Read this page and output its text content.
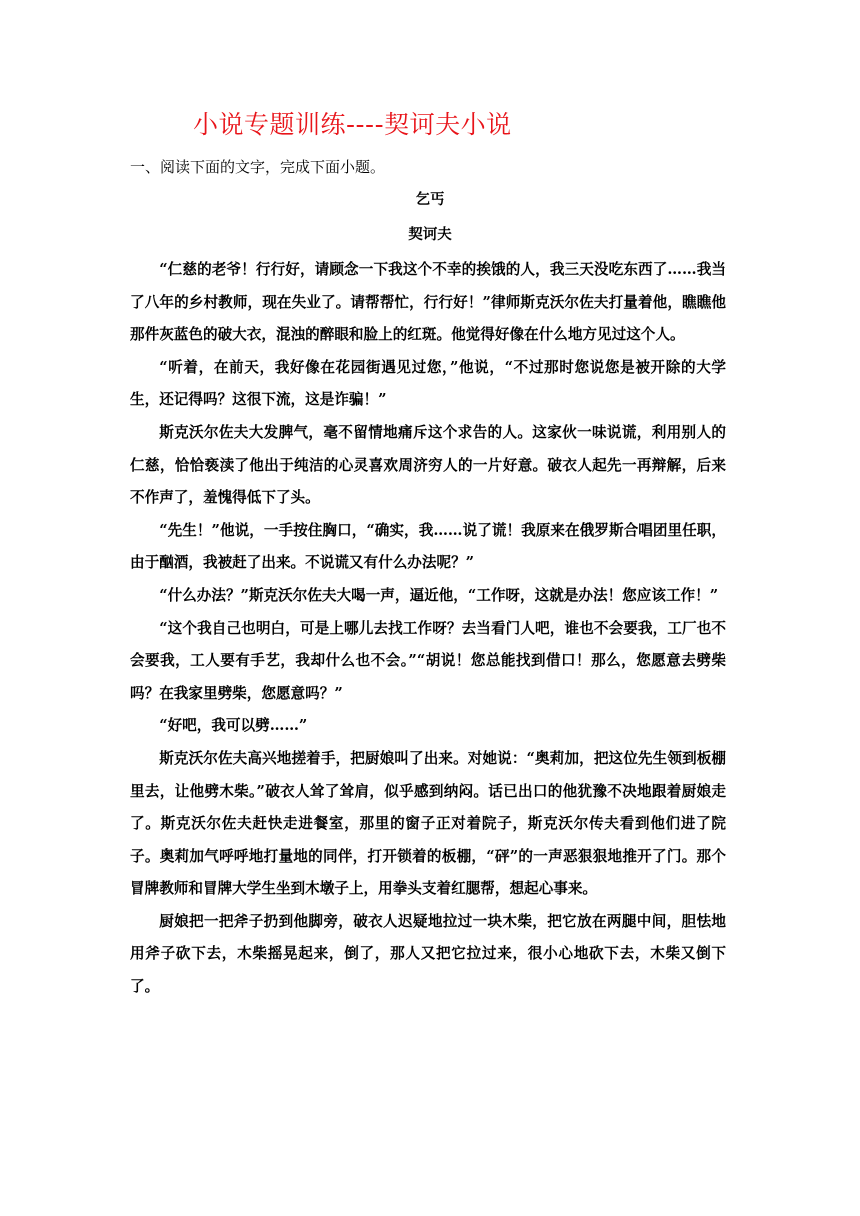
小说专题训练----契诃夫小说
一、阅读下面的文字，完成下面小题。
乞丐
契诃夫

“仁慈的老爷！行行好，请顾念一下我这个不幸的挨饿的人，我三天没吃东西了……我当了八年的乡村教师，现在失业了。请帮帮忙，行行好！”律师斯克沃尔佐夫打量着他，瞧瞧他那件灰蓝色的破大衣，混浊的醉眼和脸上的红斑。他觉得好像在什么地方见过这个人。

“听着，在前天，我好像在花园街遇见过您，”他说，“不过那时您说您是被开除的大学生，还记得吗？这很下流，这是诈骗！”

斯克沃尔佐夫大发脾气，毫不留情地痛斥这个求告的人。这家伙一味说谎，利用别人的仁慈，恰恰亵渎了他出于纯洁的心灵喜欢周济穷人的一片好意。破衣人起先一再辩解，后来不作声了，羞愧得低下了头。

“先生！”他说，一手按住胸口，“确实，我……说了谎！我原来在俄罗斯合唱团里任职，由于酗酒，我被赶了出来。不说谎又有什么办法呢？”

“什么办法？”斯克沃尔佐夫大喝一声，逼近他，“工作呀，这就是办法！您应该工作！”

“这个我自己也明白，可是上哪儿去找工作呀？去当看门人吧，谁也不会要我，工厂也不会要我，工人要有手艺，我却什么也不会。”“胡说！您总能找到借口！那么，您愿意去劈柴吗？在我家里劈柴，您愿意吗？”

“好吧，我可以劈……”

斯克沃尔佐夫高兴地搓着手，把厨娘叫了出来。对她说：“奥莉加，把这位先生领到板棚里去，让他劈木柴。”破衣人耸了耸肩，似乎感到纳闷。话已出口的他犹豫不决地跟着厨娘走了。斯克沃尔佐夫赶快走进餐室，那里的窗子正对着院子，斯克沃尔传夫看到他们进了院子。奥莉加气呼呼地打量地的同伴，打开锁着的板棚，“砰”的一声恶狠狠地推开了门。那个冒牌教师和冒牌大学生坐到木墩子上，用拳头支着红腮帮，想起心事来。

厨娘把一把斧子扔到他脚旁，破衣人迟疑地拉过一块木柴，把它放在两腿中间，胆怯地用斧子砍下去，木柴摇晃起来，倒了，那人又把它拉过来，很小心地砍下去，木柴又倒下了。
